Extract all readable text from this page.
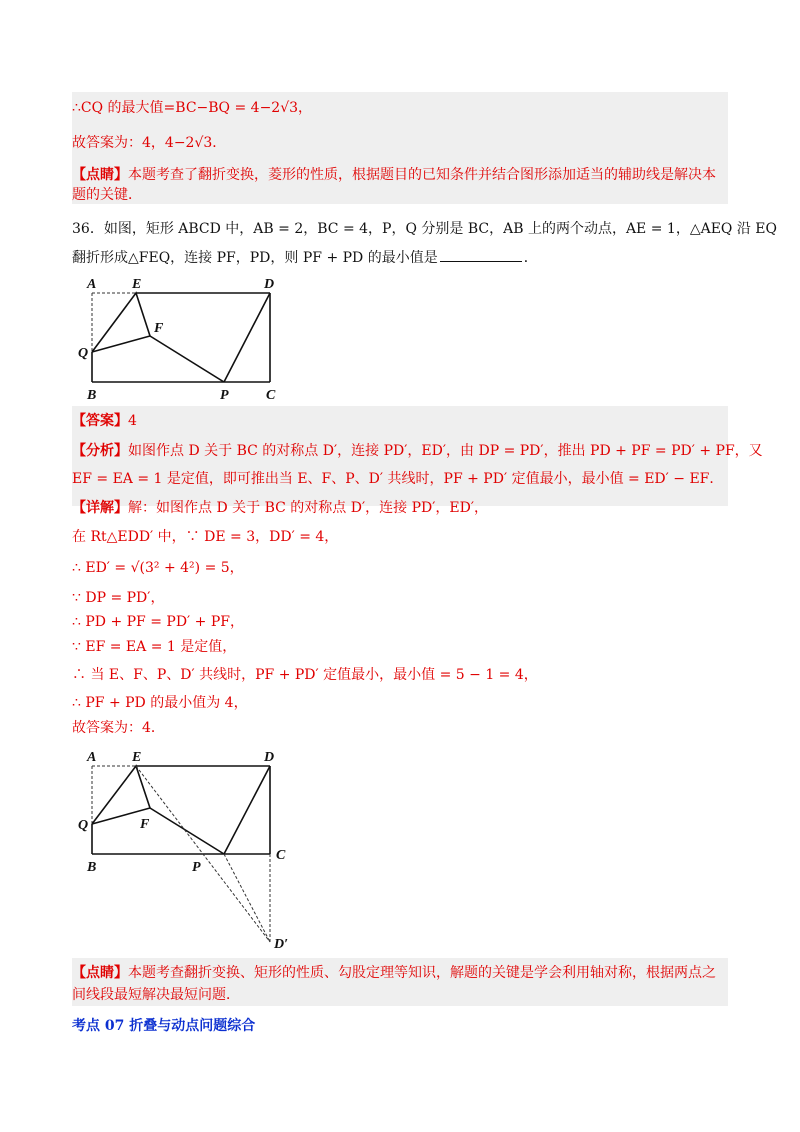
∴CQ 的最大值=BC−BQ = 4−2√3，
故答案为：4，4−2√3．
【点睛】本题考查了翻折变换，菱形的性质，根据题目的已知条件并结合图形添加适当的辅助线是解决本
题的关键．
36．如图，矩形 ABCD 中，AB = 2，BC = 4，P，Q 分别是 BC，AB 上的两个动点，AE = 1，△AEQ 沿 EQ
翻折形成△FEQ，连接 PF，PD，则 PF + PD 的最小值是	．
A	E	D
F
Q
B	P	C
【答案】4
【分析】如图作点 D 关于 BC 的对称点 D′，连接 PD′，ED′，由 DP = PD′，推出 PD + PF = PD′ + PF，又
EF = EA = 1 是定值，即可推出当 E、F、P、D′ 共线时，PF + PD′ 定值最小，最小值 = ED′ − EF．
【详解】解：如图作点 D 关于 BC 的对称点 D′，连接 PD′，ED′，
在 Rt△EDD′ 中，∵ DE = 3，DD′ = 4，
∴ ED′ = √(3² + 4²) = 5，
∵ DP = PD′，
∴ PD + PF = PD′ + PF，
∵ EF = EA = 1 是定值，
∴ 当 E、F、P、D′ 共线时，PF + PD′ 定值最小，最小值 = 5 − 1 = 4，
∴ PF + PD 的最小值为 4，
故答案为：4．
A	E	D
F
Q
B	P
C
D′
【点睛】本题考查翻折变换、矩形的性质、勾股定理等知识，解题的关键是学会利用轴对称，根据两点之
间线段最短解决最短问题．
考点 07 折叠与动点问题综合
